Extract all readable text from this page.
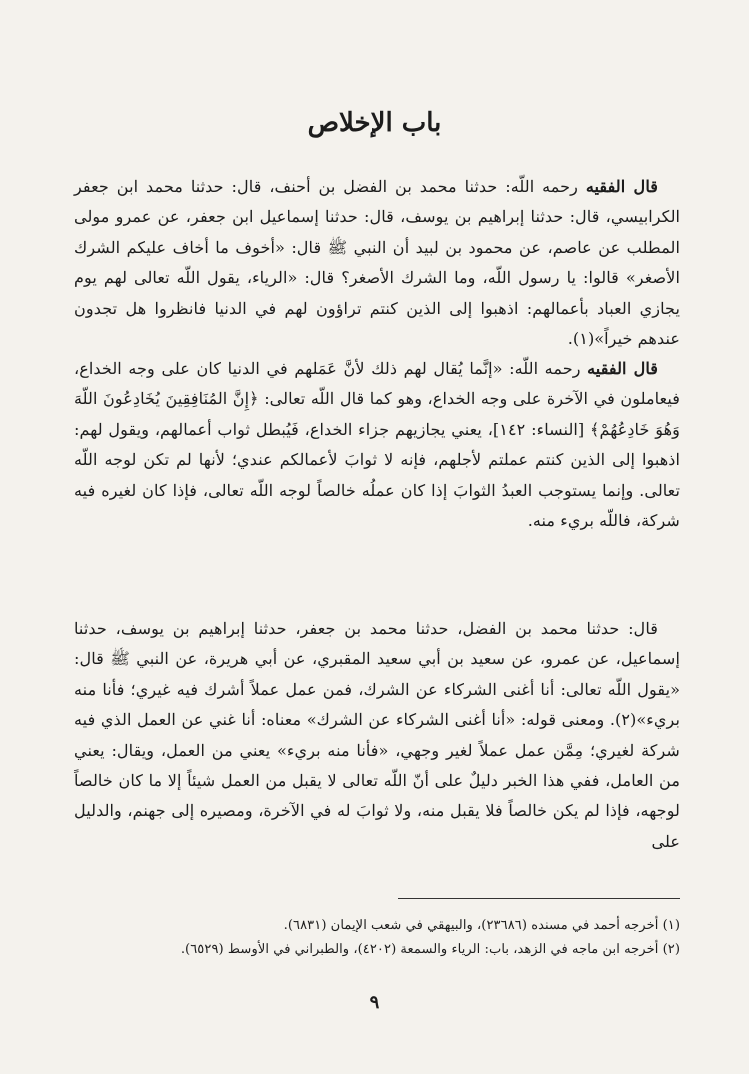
باب الإخلاص

قال الفقيه رحمه اللّه: حدثنا محمد بن الفضل بن أحنف، قال: حدثنا محمد ابن جعفر الكرابيسي، قال: حدثنا إبراهيم بن يوسف، قال: حدثنا إسماعيل ابن جعفر، عن عمرو مولى المطلب عن عاصم، عن محمود بن لبيد أن النبي ﷺ قال: «أخوف ما أخاف عليكم الشرك الأصغر» قالوا: يا رسول اللّه، وما الشرك الأصغر؟ قال: «الرياء، يقول اللّه تعالى لهم يوم يجازي العباد بأعمالهم: اذهبوا إلى الذين كنتم تراؤون لهم في الدنيا فانظروا هل تجدون عندهم خيراً»(١).

قال الفقيه رحمه اللّه: «إنَّما يُقال لهم ذلك لأنَّ عَمَلهم في الدنيا كان على وجه الخداع، فيعاملون في الآخرة على وجه الخداع، وهو كما قال اللّه تعالى: ﴿إِنَّ المُنَافِقِينَ يُخَادِعُونَ اللّهَ وَهُوَ خَادِعُهُمْ﴾ [النساء: ١٤٢]، يعني يجازيهم جزاء الخداع، فَيُبطل ثواب أعمالهم، ويقول لهم: اذهبوا إلى الذين كنتم عملتم لأجلهم، فإنه لا ثوابَ لأعمالكم عندي؛ لأنها لم تكن لوجه اللّه تعالى. وإنما يستوجب العبدُ الثوابَ إذا كان عملُه خالصاً لوجه اللّه تعالى، فإذا كان لغيره فيه شركة، فاللّه بريء منه.

قال: حدثنا محمد بن الفضل، حدثنا محمد بن جعفر، حدثنا إبراهيم بن يوسف، حدثنا إسماعيل، عن عمرو، عن سعيد بن أبي سعيد المقبري، عن أبي هريرة، عن النبي ﷺ قال: «يقول اللّه تعالى: أنا أغنى الشركاء عن الشرك، فمن عمل عملاً أشرك فيه غيري؛ فأنا منه بريء»(٢). ومعنى قوله: «أنا أغنى الشركاء عن الشرك» معناه: أنا غني عن العمل الذي فيه شركة لغيري؛ مِمَّن عمل عملاً لغير وجهي، «فأنا منه بريء» يعني من العمل، ويقال: يعني من العامل، ففي هذا الخبر دليلٌ على أنّ اللّه تعالى لا يقبل من العمل شيئاً إلا ما كان خالصاً لوجهه، فإذا لم يكن خالصاً فلا يقبل منه، ولا ثوابَ له في الآخرة، ومصيره إلى جهنم، والدليل على

(١) أخرجه أحمد في مسنده (٢٣٦٨٦)، والبيهقي في شعب الإيمان (٦٨٣١).
(٢) أخرجه ابن ماجه في الزهد، باب: الرياء والسمعة (٤٢٠٢)، والطبراني في الأوسط (٦٥٢٩).
٩
